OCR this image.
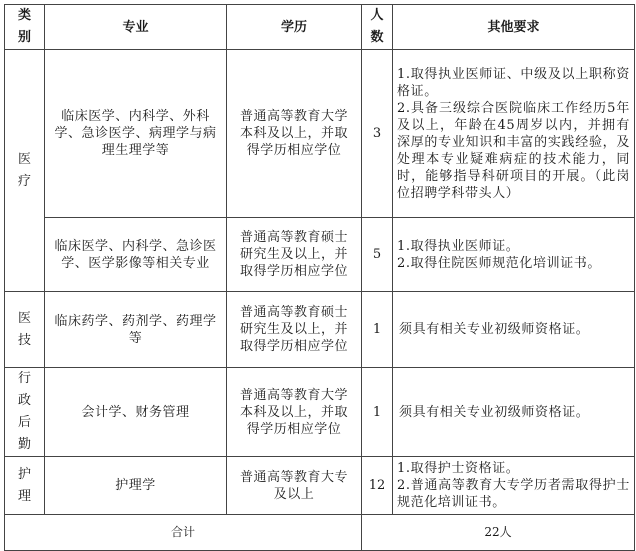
类别	专业	学历	人数	其他要求
医疗	临床医学、内科学、外科学、急诊医学、病理学与病理生理学等	普通高等教育大学本科及以上，并取得学历相应学位	3	1.取得执业医师证、中级及以上职称资格证。
2.具备三级综合医院临床工作经历5年及以上，年龄在45周岁以内，并拥有深厚的专业知识和丰富的实践经验，及处理本专业疑难病症的技术能力，同时，能够指导科研项目的开展。（此岗位招聘学科带头人）

	临床医学、内科学、急诊医学、医学影像等相关专业	普通高等教育硕士研究生及以上，并取得学历相应学位	5	1.取得执业医师证。
2.取得住院医师规范化培训证书。

医技	临床药学、药剂学、药理学等	普通高等教育硕士研究生及以上，并取得学历相应学位	1	须具有相关专业初级师资格证。
行政后勤	会计学、财务管理	普通高等教育大学本科及以上，并取得学历相应学位	1	须具有相关专业初级师资格证。
护理	护理学	普通高等教育大专及以上	12	1.取得护士资格证。
2.普通高等教育大专学历者需取得护士规范化培训证书。

合计			22人	
